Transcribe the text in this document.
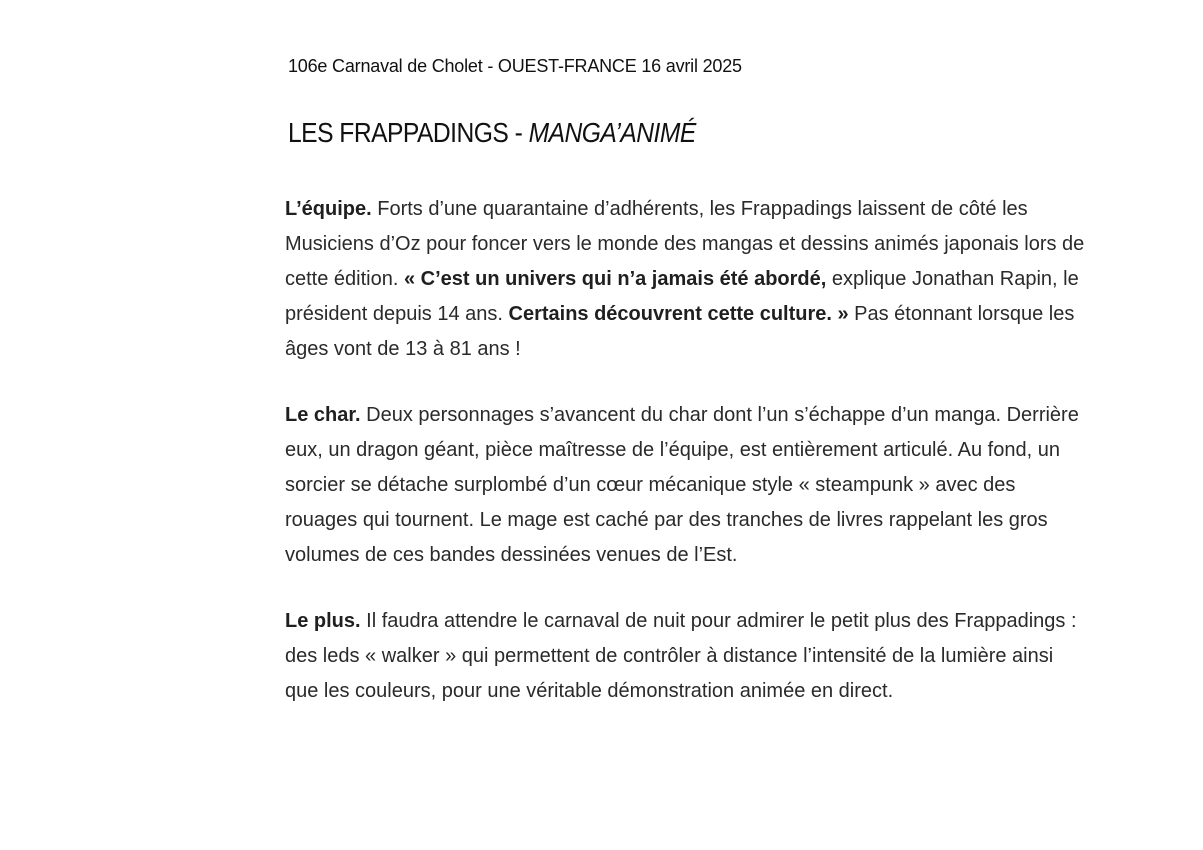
106e Carnaval de Cholet - OUEST-FRANCE 16 avril 2025
LES FRAPPADINGS - MANGA’ANIMÉ

L’équipe. Forts d’une quarantaine d’adhérents, les Frappadings laissent de côté les Musiciens d’Oz pour foncer vers le monde des mangas et dessins animés japonais lors de cette édition. « C’est un univers qui n’a jamais été abordé, explique Jonathan Rapin, le président depuis 14 ans. Certains découvrent cette culture. » Pas étonnant lorsque les âges vont de 13 à 81 ans !

Le char. Deux personnages s’avancent du char dont l’un s’échappe d’un manga. Derrière eux, un dragon géant, pièce maîtresse de l’équipe, est entièrement articulé. Au fond, un sorcier se détache surplombé d’un cœur mécanique style « steampunk » avec des rouages qui tournent. Le mage est caché par des tranches de livres rappelant les gros volumes de ces bandes dessinées venues de l’Est.

Le plus. Il faudra attendre le carnaval de nuit pour admirer le petit plus des Frappadings : des leds « walker » qui permettent de contrôler à distance l’intensité de la lumière ainsi que les couleurs, pour une véritable démonstration animée en direct.
